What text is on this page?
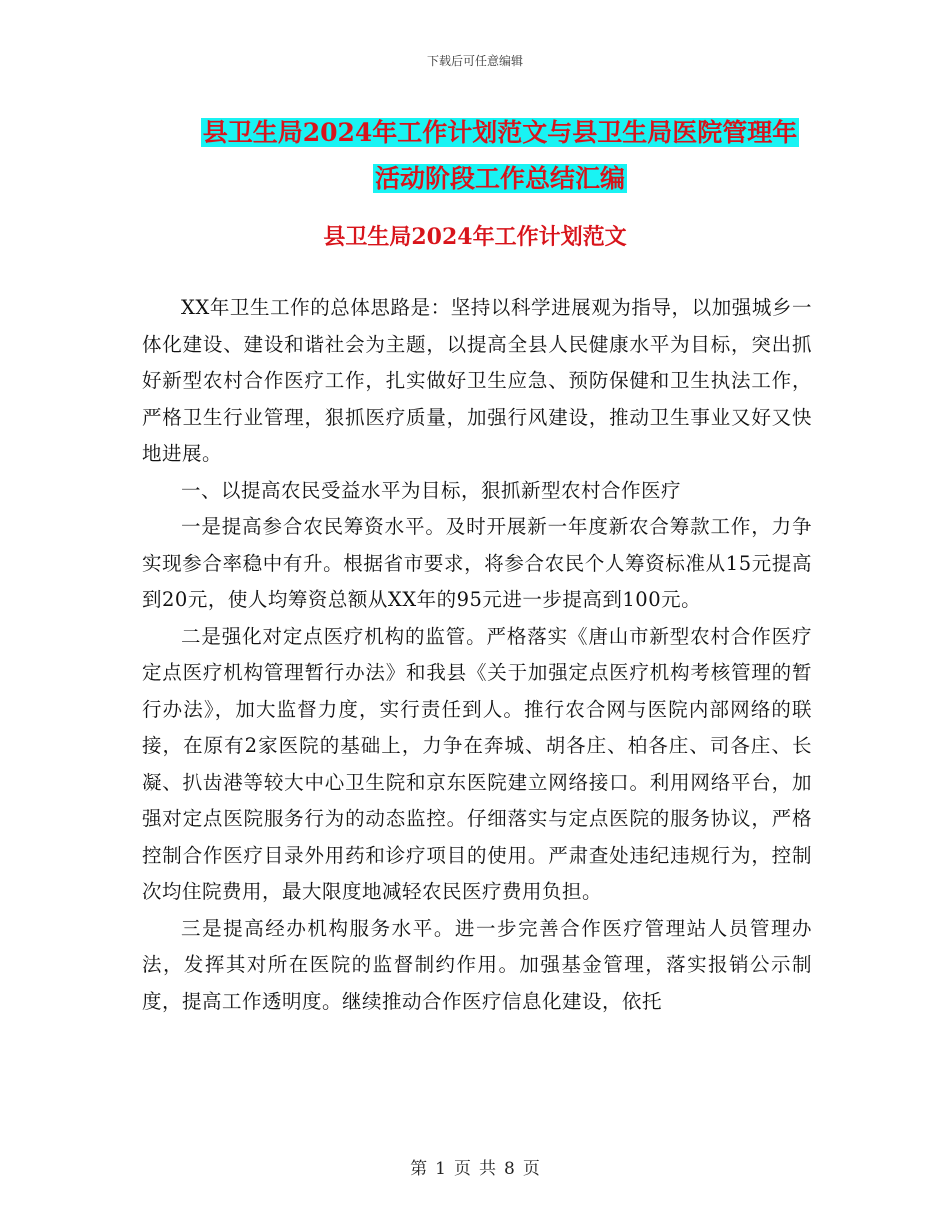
下载后可任意编辑
县卫生局2024年工作计划范文与县卫生局医院管理年
活动阶段工作总结汇编
县卫生局2024年工作计划范文

XX年卫生工作的总体思路是：坚持以科学进展观为指导，以加强城乡一体化建设、建设和谐社会为主题，以提高全县人民健康水平为目标，突出抓好新型农村合作医疗工作，扎实做好卫生应急、预防保健和卫生执法工作，严格卫生行业管理，狠抓医疗质量，加强行风建设，推动卫生事业又好又快地进展。

一、以提高农民受益水平为目标，狠抓新型农村合作医疗

一是提高参合农民筹资水平。及时开展新一年度新农合筹款工作，力争实现参合率稳中有升。根据省市要求，将参合农民个人筹资标准从15元提高到20元，使人均筹资总额从XX年的95元进一步提高到100元。

二是强化对定点医疗机构的监管。严格落实《唐山市新型农村合作医疗定点医疗机构管理暂行办法》和我县《关于加强定点医疗机构考核管理的暂行办法》，加大监督力度，实行责任到人。推行农合网与医院内部网络的联接，在原有2家医院的基础上，力争在奔城、胡各庄、柏各庄、司各庄、长凝、扒齿港等较大中心卫生院和京东医院建立网络接口。利用网络平台，加强对定点医院服务行为的动态监控。仔细落实与定点医院的服务协议，严格控制合作医疗目录外用药和诊疗项目的使用。严肃查处违纪违规行为，控制次均住院费用，最大限度地减轻农民医疗费用负担。

三是提高经办机构服务水平。进一步完善合作医疗管理站人员管理办法，发挥其对所在医院的监督制约作用。加强基金管理，落实报销公示制度，提高工作透明度。继续推动合作医疗信息化建设，依托

第 1 页 共 8 页
